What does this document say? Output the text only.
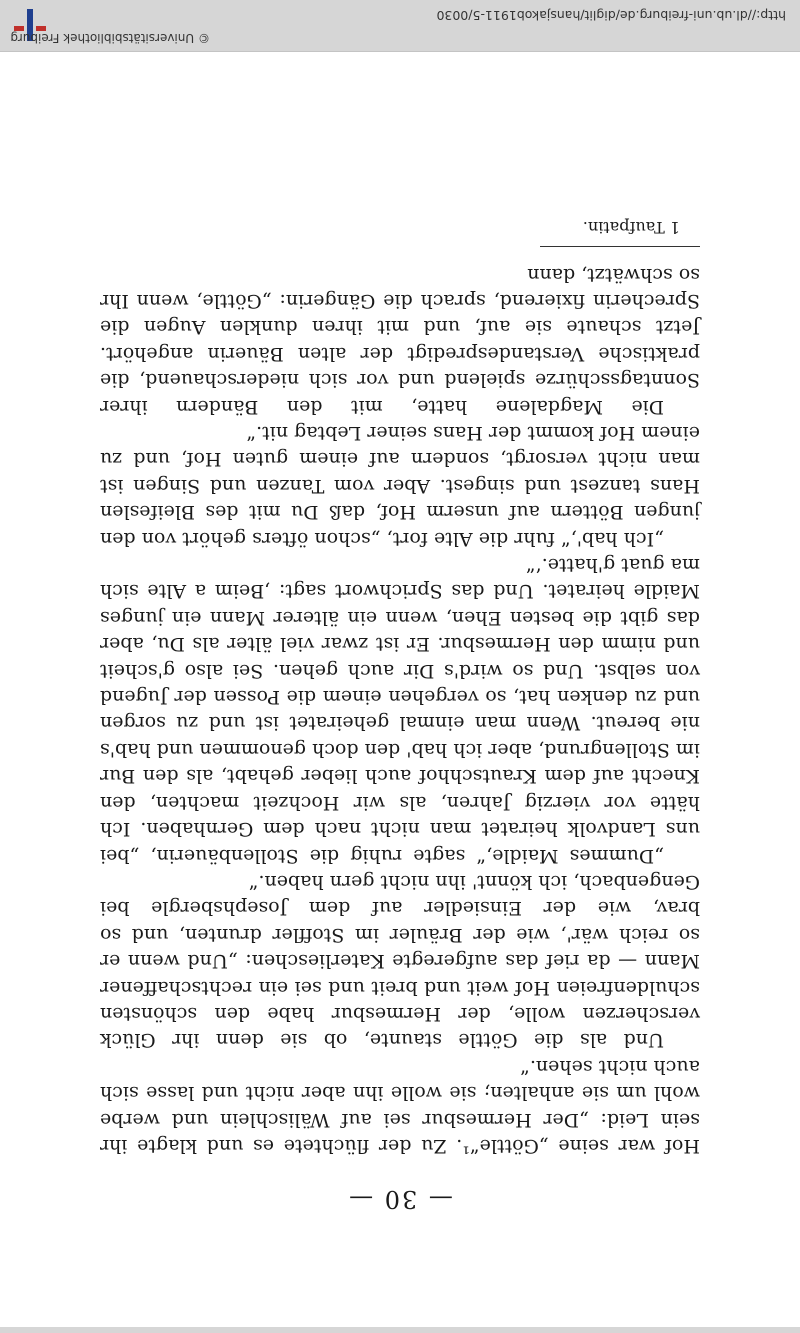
— 30 —

Hof war seine „Göttle“¹. Zu der flüchtete es und klagte ihr sein Leid: „Der Hermesbur sei auf Wälischlein und werbe wohl um sie anhalten; sie wolle ihn aber nicht und lasse sich auch nicht sehen.“

Und als die Göttle staunte, ob sie denn ihr Glück verscherzen wolle, der Hermesbur habe den schönsten schuldenfreien Hof weit und breit und sei ein rechtschaffener Mann — da rief das aufgeregte Katerlieschen: „Und wenn er so reich wär', wie der Bräuler im Stoffler drunten, und so brav, wie der Einsiedler auf dem Josephsbergle bei Gengenbach, ich könnt' ihn nicht gern haben.“

„Dummes Maidle,“ sagte ruhig die Stollenbäuerin, „bei uns Landvolk heiratet man nicht nach dem Gernhaben. Ich hätte vor vierzig Jahren, als wir Hochzeit machten, den Knecht auf dem Krautschhof auch lieber gehabt, als den Bur im Stollengrund, aber ich hab' den doch genommen und hab's nie bereut. Wenn man einmal geheiratet ist und zu sorgen und zu denken hat, so vergehen einem die Possen der Jugend von selbst. Und so wird's Dir auch gehen. Sei also g'scheit und nimm den Hermesbur. Er ist zwar viel älter als Du, aber das gibt die besten Ehen, wenn ein älterer Mann ein junges Maidle heiratet. Und das Sprichwort sagt: ‚Beim a Alte sich ma guat g'hatte.‘“

„Ich hab',“ fuhr die Alte fort, „schon öfters gehört von den jungen Böttern auf unserm Hof, daß Du mit des Bleifeslen Hans tanzest und singest. Aber vom Tanzen und Singen ist man nicht versorgt, sondern auf einem guten Hof, und zu einem Hof kommt der Hans seiner Lebtag nit.“

Die Magdalene hatte, mit den Bändern ihrer Sonntagsschürze spielend und vor sich niederschauend, die praktische Verstandespredigt der alten Bäuerin angehört. Jetzt schaute sie auf, und mit ihren dunklen Augen die Sprecherin fixierend, sprach die Gängerin: „Göttle, wenn Ihr so schwätzt, dann

1 Taufpatin.

© Universitätsbibliothek Freiburg
http://dl.ub.uni-freiburg.de/diglit/hansjakob1911-5/0030
